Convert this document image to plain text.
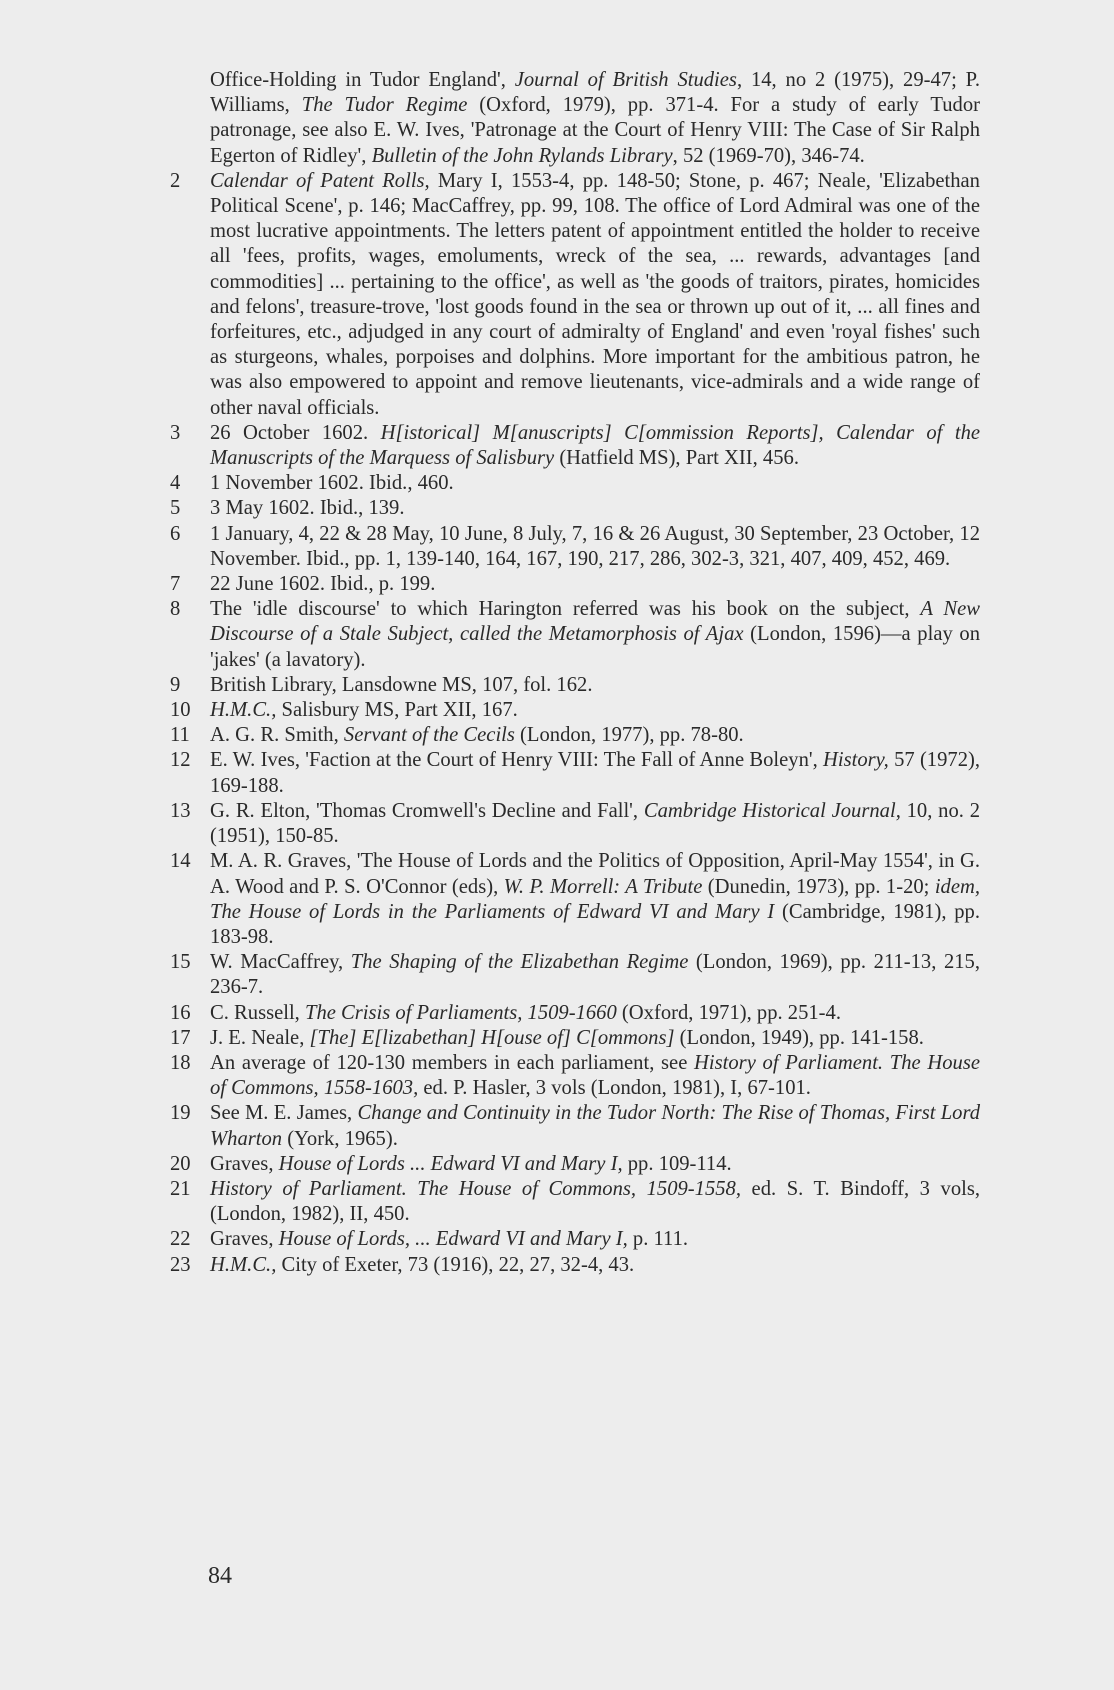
Office-Holding in Tudor England', Journal of British Studies, 14, no 2 (1975), 29-47; P. Williams, The Tudor Regime (Oxford, 1979), pp. 371-4. For a study of early Tudor patronage, see also E. W. Ives, 'Patronage at the Court of Henry VIII: The Case of Sir Ralph Egerton of Ridley', Bulletin of the John Rylands Library, 52 (1969-70), 346-74.
2	Calendar of Patent Rolls, Mary I, 1553-4, pp. 148-50; Stone, p. 467; Neale, 'Elizabethan Political Scene', p. 146; MacCaffrey, pp. 99, 108. The office of Lord Admiral was one of the most lucrative appointments. The letters patent of appointment entitled the holder to receive all 'fees, profits, wages, emoluments, wreck of the sea, ... rewards, advantages [and commodities] ... pertaining to the office', as well as 'the goods of traitors, pirates, homicides and felons', treasure-trove, 'lost goods found in the sea or thrown up out of it, ... all fines and forfeitures, etc., adjudged in any court of admiralty of England' and even 'royal fishes' such as sturgeons, whales, porpoises and dolphins. More important for the ambitious patron, he was also empowered to appoint and remove lieutenants, vice-admirals and a wide range of other naval officials.
3	26 October 1602. H[istorical] M[anuscripts] C[ommission Reports], Calendar of the Manuscripts of the Marquess of Salisbury (Hatfield MS), Part XII, 456.
4	1 November 1602. Ibid., 460.
5	3 May 1602. Ibid., 139.
6	1 January, 4, 22 & 28 May, 10 June, 8 July, 7, 16 & 26 August, 30 September, 23 October, 12 November. Ibid., pp. 1, 139-140, 164, 167, 190, 217, 286, 302-3, 321, 407, 409, 452, 469.
7	22 June 1602. Ibid., p. 199.
8	The 'idle discourse' to which Harington referred was his book on the subject, A New Discourse of a Stale Subject, called the Metamorphosis of Ajax (London, 1596)—a play on 'jakes' (a lavatory).
9	British Library, Lansdowne MS, 107, fol. 162.
10 H.M.C., Salisbury MS, Part XII, 167.
11 A. G. R. Smith, Servant of the Cecils (London, 1977), pp. 78-80.
12 E. W. Ives, 'Faction at the Court of Henry VIII: The Fall of Anne Boleyn', History, 57 (1972), 169-188.
13 G. R. Elton, 'Thomas Cromwell's Decline and Fall', Cambridge Historical Journal, 10, no. 2 (1951), 150-85.
14 M. A. R. Graves, 'The House of Lords and the Politics of Opposition, April-May 1554', in G. A. Wood and P. S. O'Connor (eds), W. P. Morrell: A Tribute (Dunedin, 1973), pp. 1-20; idem, The House of Lords in the Parliaments of Edward VI and Mary I (Cambridge, 1981), pp. 183-98.
15 W. MacCaffrey, The Shaping of the Elizabethan Regime (London, 1969), pp. 211-13, 215, 236-7.
16 C. Russell, The Crisis of Parliaments, 1509-1660 (Oxford, 1971), pp. 251-4.
17 J. E. Neale, [The] E[lizabethan] H[ouse of] C[ommons] (London, 1949), pp. 141-158.
18 An average of 120-130 members in each parliament, see History of Parliament. The House of Commons, 1558-1603, ed. P. Hasler, 3 vols (London, 1981), I, 67-101.
19 See M. E. James, Change and Continuity in the Tudor North: The Rise of Thomas, First Lord Wharton (York, 1965).
20 Graves, House of Lords ... Edward VI and Mary I, pp. 109-114.
21 History of Parliament. The House of Commons, 1509-1558, ed. S. T. Bindoff, 3 vols, (London, 1982), II, 450.
22 Graves, House of Lords, ... Edward VI and Mary I, p. 111.
23 H.M.C., City of Exeter, 73 (1916), 22, 27, 32-4, 43.
84
